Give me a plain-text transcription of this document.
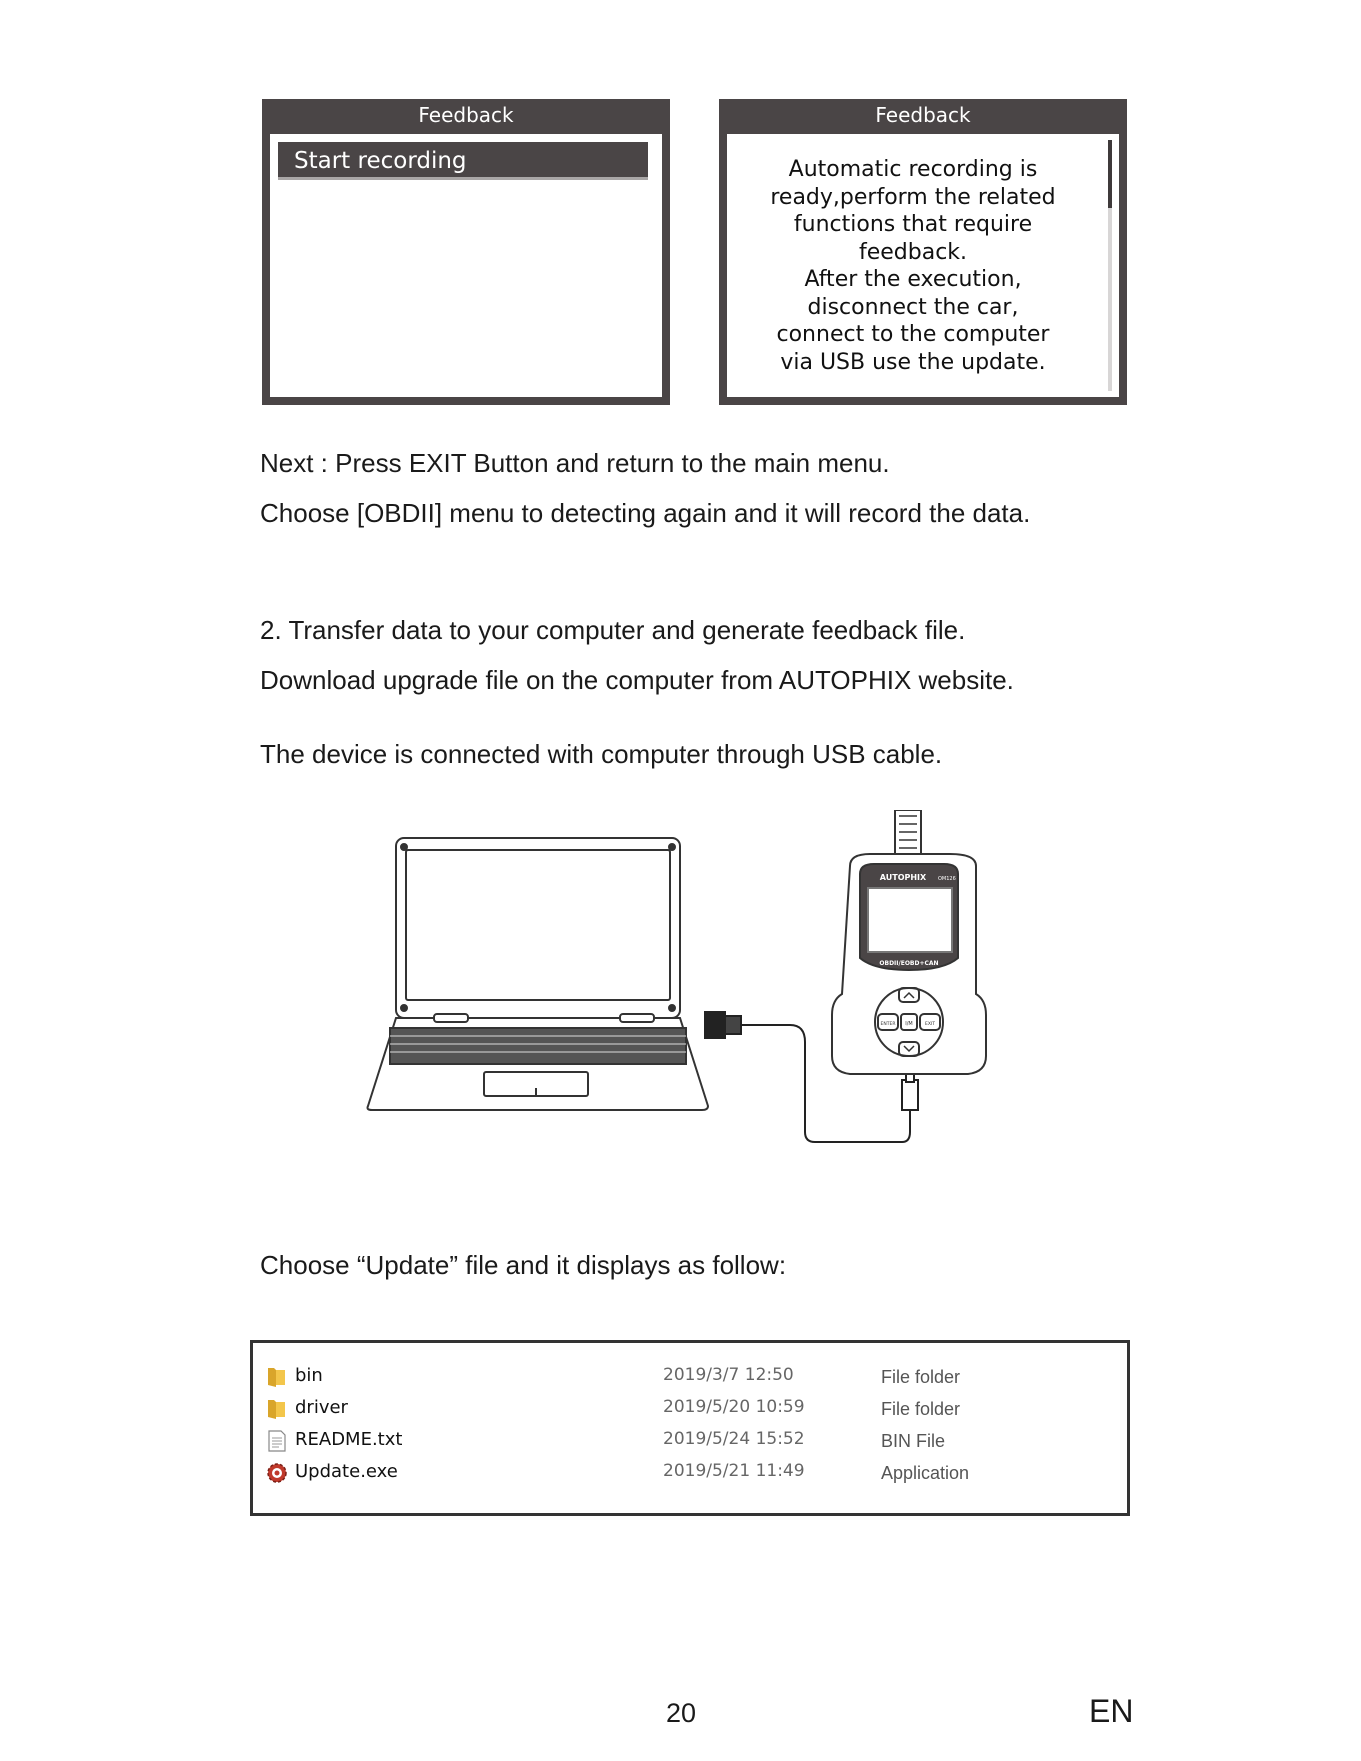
Feedback
Start recording
Feedback
Automatic recording is
ready,perform the related
functions that require
feedback.
After the execution,
disconnect the car,
connect to the computer
via USB use the update.
Next : Press EXIT Button and return to the main menu.
Choose [OBDII] menu to detecting again and it will record the data.
2. Transfer data to your computer and generate feedback file.
Download upgrade file on the computer from AUTOPHIX website.
The device is connected with computer through USB cable.
AUTOPHIX OM126
OBDII/EOBD+CAN
ENTER	EXIT
I/M
Choose “Update” file and it displays as follow:
bin	2019/3/7 12:50	File folder
driver	2019/5/20 10:59	File folder
README.txt	2019/5/24 15:52	BIN File
Update.exe	2019/5/21 11:49	Application
20	EN
